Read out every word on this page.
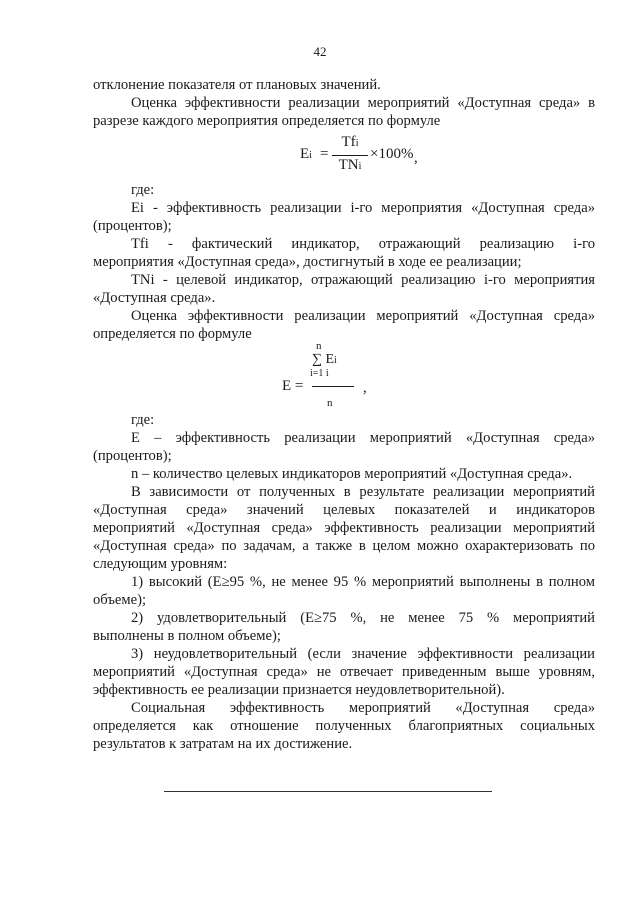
42
отклонение показателя от плановых значений.
Оценка эффективности реализации мероприятий «Доступная среда» в
разрезе каждого мероприятия определяется по формуле
Ei =
Tfi
TNi
×100% ,
где:
Ei - эффективность реализации i-го мероприятия «Доступная среда»
(процентов);
Tfi - фактический индикатор, отражающий реализацию i-го
мероприятия «Доступная среда», достигнутый в ходе ее реализации;
TNi - целевой индикатор, отражающий реализацию i-го мероприятия
«Доступная среда».
Оценка эффективности реализации мероприятий «Доступная среда»
определяется по формуле
n
∑ Ei
i=1 i
E =	,
n
где:
E – эффективность реализации мероприятий «Доступная среда»
(процентов);
n – количество целевых индикаторов мероприятий «Доступная среда».
В зависимости от полученных в результате реализации мероприятий
«Доступная среда» значений целевых показателей и индикаторов
мероприятий «Доступная среда» эффективность реализации мероприятий
«Доступная среда» по задачам, а также в целом можно охарактеризовать по
следующим уровням:
1) высокий (E≥95 %, не менее 95 % мероприятий выполнены в полном
объеме);
2) удовлетворительный (E≥75 %, не менее 75 % мероприятий
выполнены в полном объеме);
3) неудовлетворительный (если значение эффективности реализации
мероприятий «Доступная среда» не отвечает приведенным выше уровням,
эффективность ее реализации признается неудовлетворительной).
Социальная эффективность мероприятий «Доступная среда»
определяется как отношение полученных благоприятных социальных
результатов к затратам на их достижение.
